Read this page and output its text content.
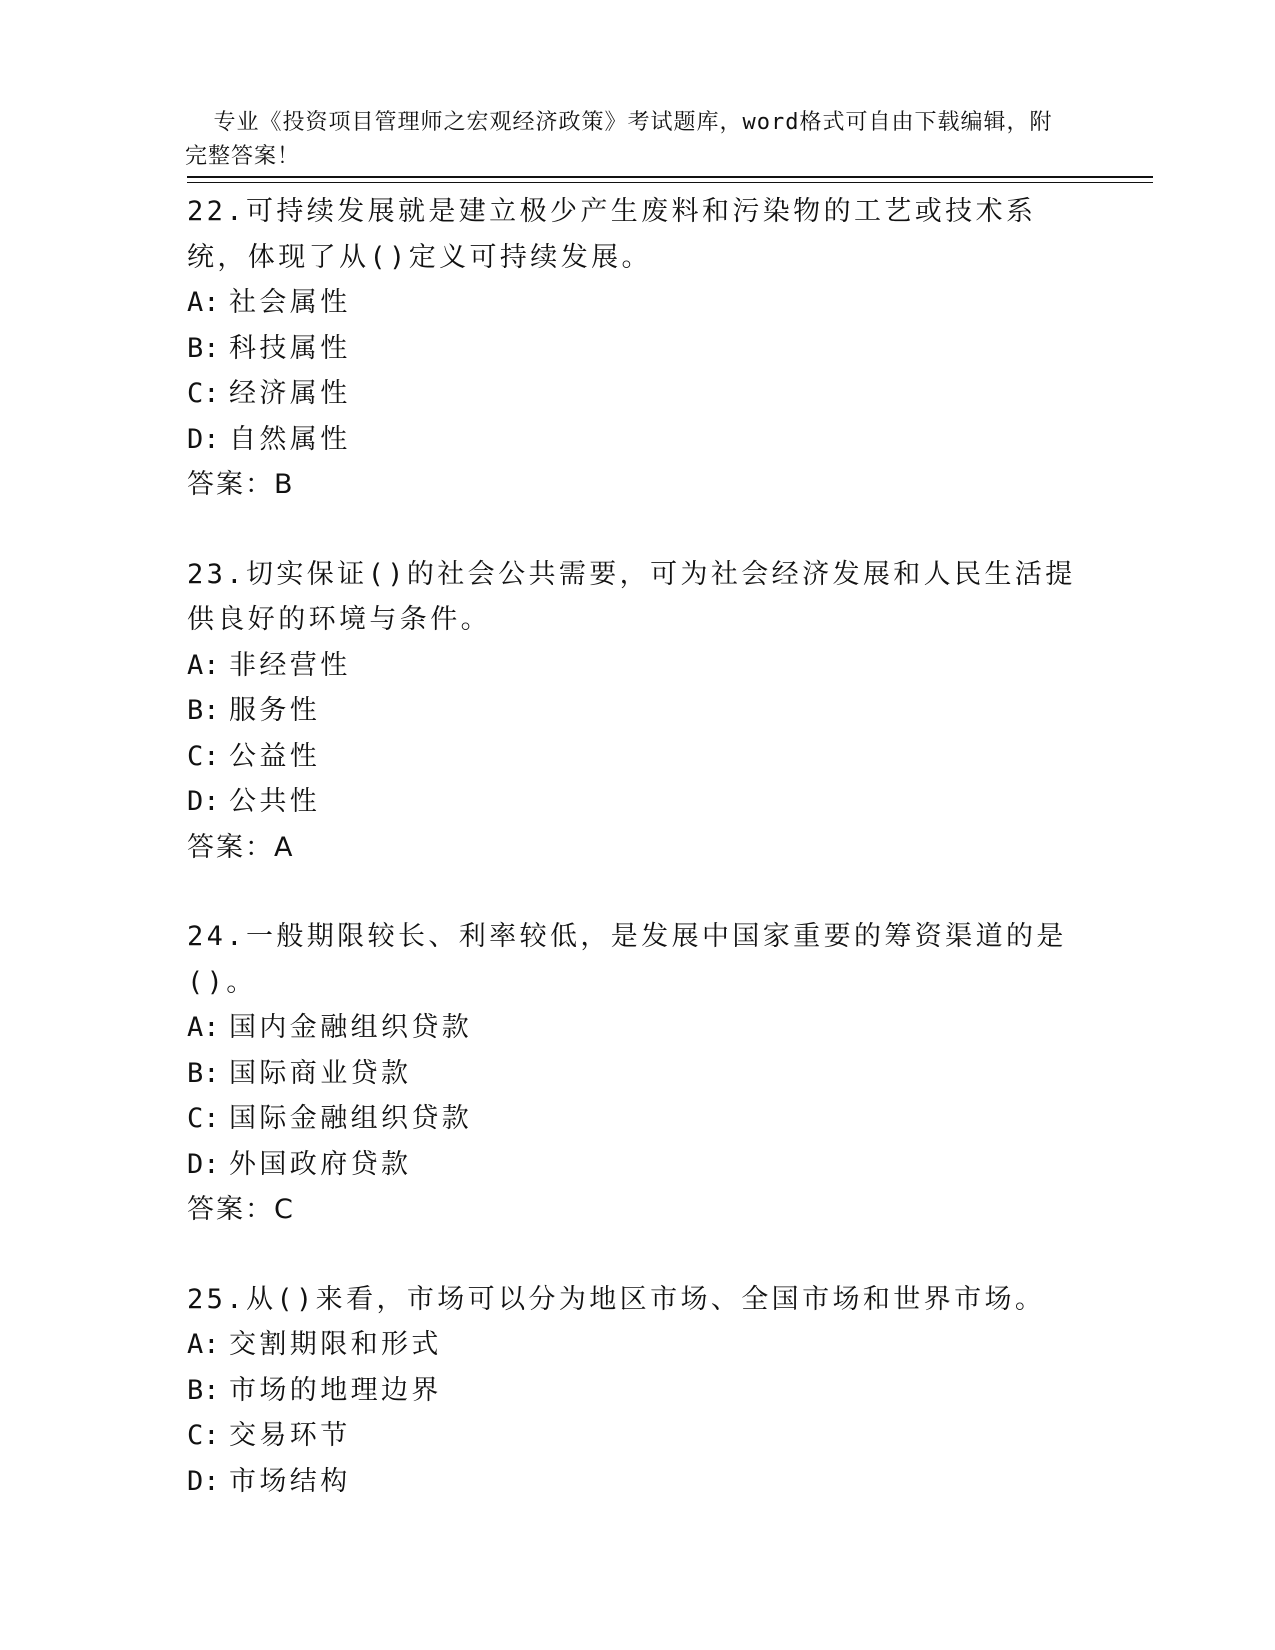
专业《投资项目管理师之宏观经济政策》考试题库，word格式可自由下载编辑，附完整答案！

22.可持续发展就是建立极少产生废料和污染物的工艺或技术系统，体现了从()定义可持续发展。

A: 社会属性

B: 科技属性

C: 经济属性

D: 自然属性

答案：B

23.切实保证()的社会公共需要，可为社会经济发展和人民生活提供良好的环境与条件。

A: 非经营性

B: 服务性

C: 公益性

D: 公共性

答案：A

24.一般期限较长、利率较低，是发展中国家重要的筹资渠道的是()。

A: 国内金融组织贷款

B: 国际商业贷款

C: 国际金融组织贷款

D: 外国政府贷款

答案：C

25.从()来看，市场可以分为地区市场、全国市场和世界市场。

A: 交割期限和形式

B: 市场的地理边界

C: 交易环节

D: 市场结构
